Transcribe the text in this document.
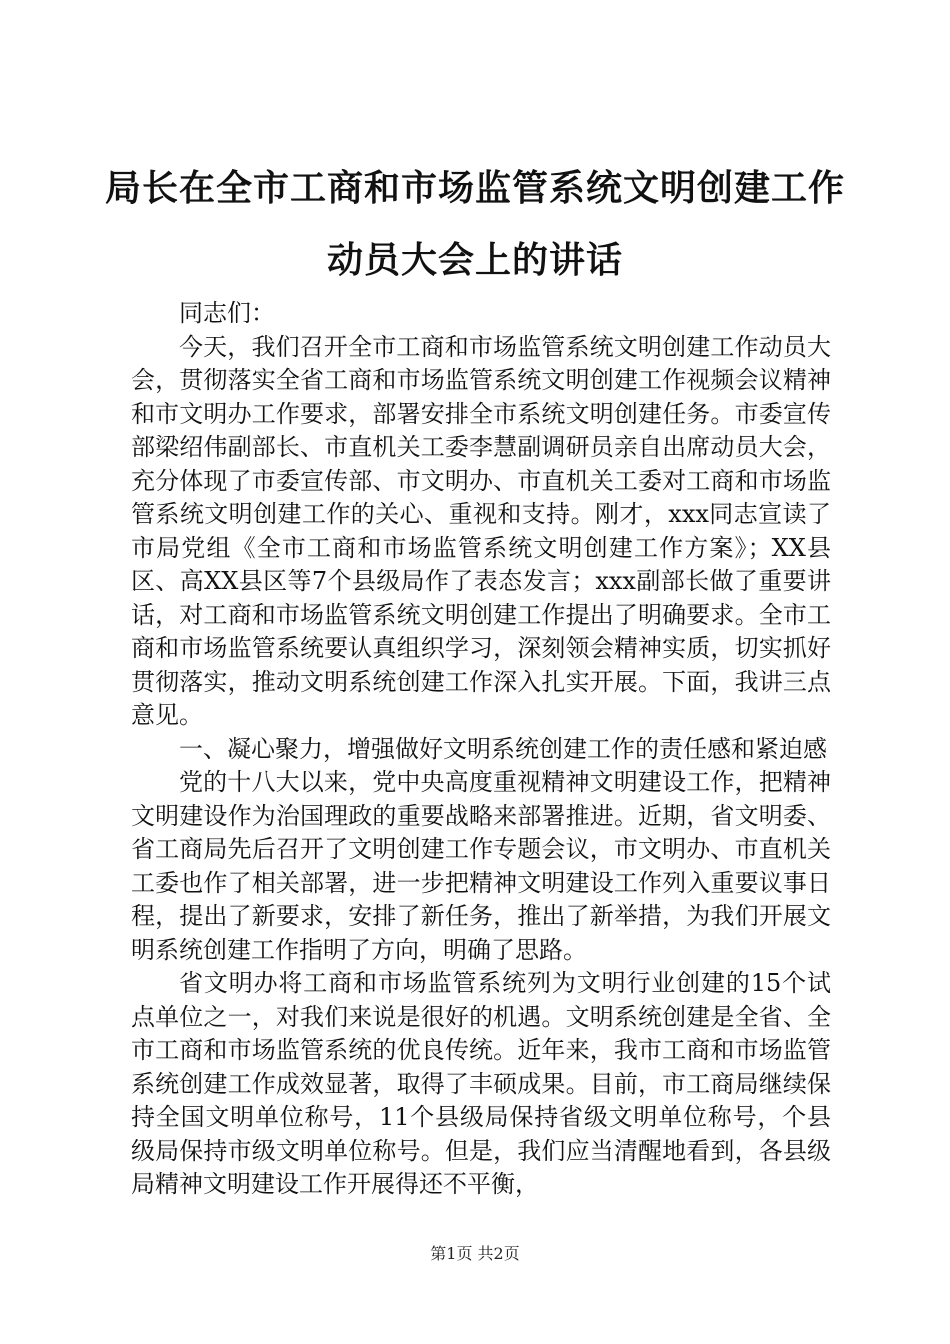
局长在全市工商和市场监管系统文明创建工作
动员大会上的讲话

同志们：

今天，我们召开全市工商和市场监管系统文明创建工作动员大会，贯彻落实全省工商和市场监管系统文明创建工作视频会议精神和市文明办工作要求，部署安排全市系统文明创建任务。市委宣传部梁绍伟副部长、市直机关工委李慧副调研员亲自出席动员大会，充分体现了市委宣传部、市文明办、市直机关工委对工商和市场监管系统文明创建工作的关心、重视和支持。刚才，xxx同志宣读了市局党组《全市工商和市场监管系统文明创建工作方案》；XX县区、高XX县区等7个县级局作了表态发言；xxx副部长做了重要讲话，对工商和市场监管系统文明创建工作提出了明确要求。全市工商和市场监管系统要认真组织学习，深刻领会精神实质，切实抓好贯彻落实，推动文明系统创建工作深入扎实开展。下面，我讲三点意见。

一、凝心聚力，增强做好文明系统创建工作的责任感和紧迫感

党的十八大以来，党中央高度重视精神文明建设工作，把精神文明建设作为治国理政的重要战略来部署推进。近期，省文明委、省工商局先后召开了文明创建工作专题会议，市文明办、市直机关工委也作了相关部署，进一步把精神文明建设工作列入重要议事日程，提出了新要求，安排了新任务，推出了新举措，为我们开展文明系统创建工作指明了方向，明确了思路。

省文明办将工商和市场监管系统列为文明行业创建的15个试点单位之一，对我们来说是很好的机遇。文明系统创建是全省、全市工商和市场监管系统的优良传统。近年来，我市工商和市场监管系统创建工作成效显著，取得了丰硕成果。目前，市工商局继续保持全国文明单位称号，11个县级局保持省级文明单位称号，个县级局保持市级文明单位称号。但是，我们应当清醒地看到，各县级局精神文明建设工作开展得还不平衡，

第1页 共2页
